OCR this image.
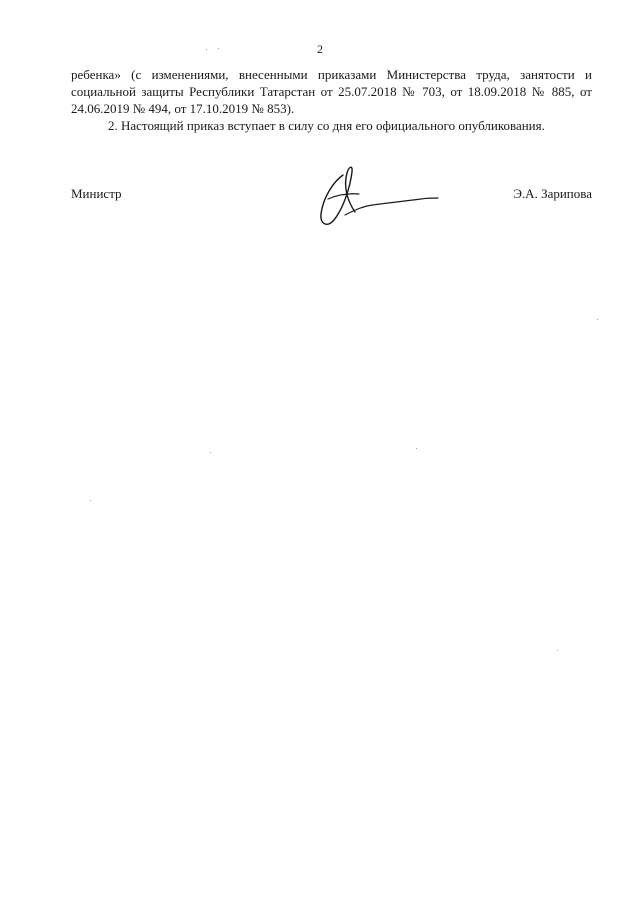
2

ребенка» (с изменениями, внесенными приказами Министерства труда, занятости и социальной защиты Республики Татарстан от 25.07.2018 № 703, от 18.09.2018 № 885, от 24.06.2019 № 494, от 17.10.2019 № 853).

2. Настоящий приказ вступает в силу со дня его официального опубликования.

Министр	Э.А. Зарипова
